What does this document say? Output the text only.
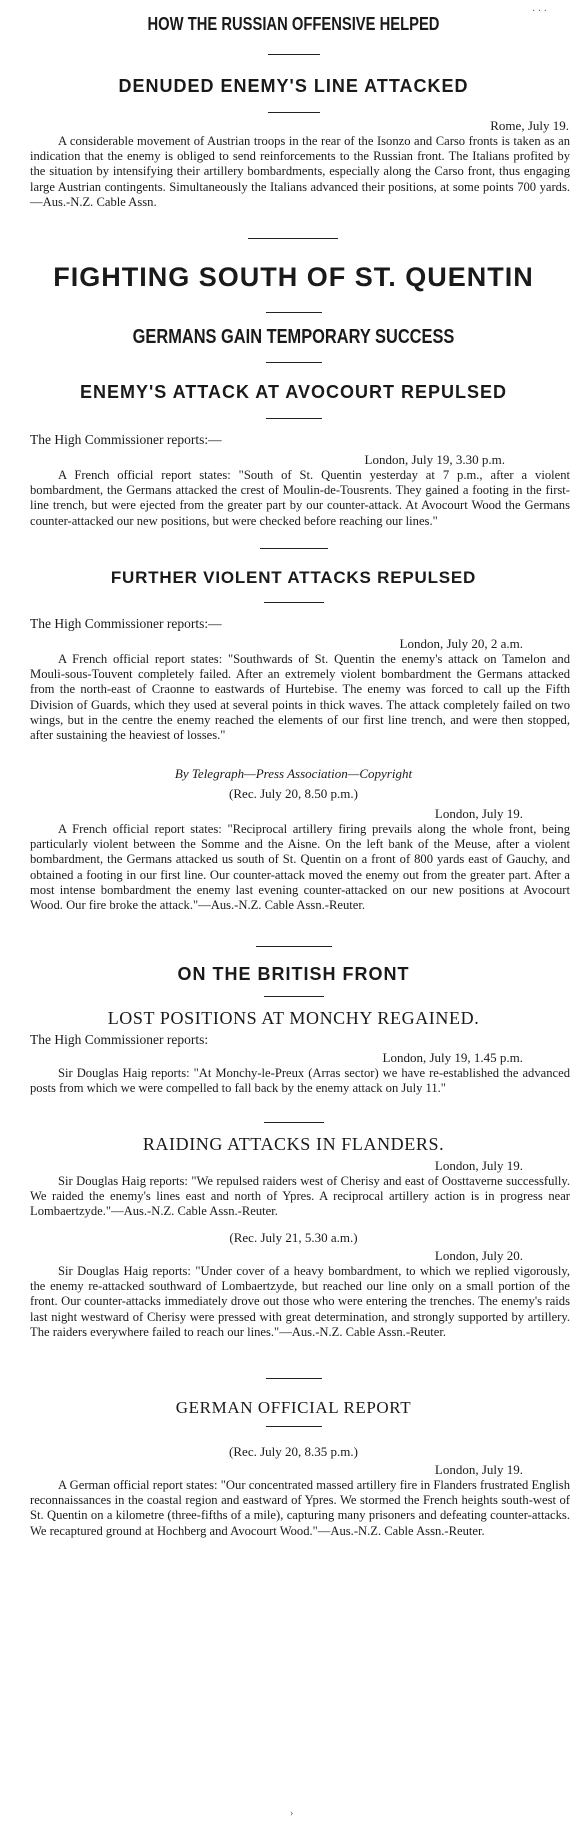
HOW THE RUSSIAN OFFENSIVE HELPED
DENUDED ENEMY'S LINE ATTACKED
Rome, July 19.
A considerable movement of Austrian troops in the rear of the Isonzo and Carso fronts is taken as an indication that the enemy is obliged to send reinforcements to the Russian front. The Italians profited by the situation by intensifying their artillery bombardments, especially along the Carso front, thus engaging large Austrian contingents. Simultaneously the Italians advanced their positions, at some points 700 yards.—Aus.-N.Z. Cable Assn.
FIGHTING SOUTH OF ST. QUENTIN
GERMANS GAIN TEMPORARY SUCCESS
ENEMY'S ATTACK AT AVOCOURT REPULSED
The High Commissioner reports:—
London, July 19, 3.30 p.m.
A French official report states: "South of St. Quentin yesterday at 7 p.m., after a violent bombardment, the Germans attacked the crest of Moulin-de-Tousrents. They gained a footing in the first-line trench, but were ejected from the greater part by our counter-attack. At Avocourt Wood the Germans counter-attacked our new positions, but were checked before reaching our lines."
FURTHER VIOLENT ATTACKS REPULSED
The High Commissioner reports:—
London, July 20, 2 a.m.
A French official report states: "Southwards of St. Quentin the enemy's attack on Tamelon and Mouli-sous-Touvent completely failed. After an extremely violent bombardment the Germans attacked from the north-east of Craonne to eastwards of Hurtebise. The enemy was forced to call up the Fifth Division of Guards, which they used at several points in thick waves. The attack completely failed on two wings, but in the centre the enemy reached the elements of our first line trench, and were then stopped, after sustaining the heaviest of losses."
By Telegraph—Press Association—Copyright
(Rec. July 20, 8.50 p.m.)
London, July 19.
A French official report states: "Reciprocal artillery firing prevails along the whole front, being particularly violent between the Somme and the Aisne. On the left bank of the Meuse, after a violent bombardment, the Germans attacked us south of St. Quentin on a front of 800 yards east of Gauchy, and obtained a footing in our first line. Our counter-attack moved the enemy out from the greater part. After a most intense bombardment the enemy last evening counter-attacked on our new positions at Avocourt Wood. Our fire broke the attack."—Aus.-N.Z. Cable Assn.-Reuter.
ON THE BRITISH FRONT
LOST POSITIONS AT MONCHY REGAINED.
The High Commissioner reports:
London, July 19, 1.45 p.m.
Sir Douglas Haig reports: "At Monchy-le-Preux (Arras sector) we have re-established the advanced posts from which we were compelled to fall back by the enemy attack on July 11."
RAIDING ATTACKS IN FLANDERS.
London, July 19.
Sir Douglas Haig reports: "We repulsed raiders west of Cherisy and east of Oosttaverne successfully. We raided the enemy's lines east and north of Ypres. A reciprocal artillery action is in progress near Lombaertzyde."—Aus.-N.Z. Cable Assn.-Reuter.
(Rec. July 21, 5.30 a.m.)
London, July 20.
Sir Douglas Haig reports: "Under cover of a heavy bombardment, to which we replied vigorously, the enemy re-attacked southward of Lombaertzyde, but reached our line only on a small portion of the front. Our counter-attacks immediately drove out those who were entering the trenches. The enemy's raids last night westward of Cherisy were pressed with great determination, and strongly supported by artillery. The raiders everywhere failed to reach our lines."—Aus.-N.Z. Cable Assn.-Reuter.
GERMAN OFFICIAL REPORT
(Rec. July 20, 8.35 p.m.)
London, July 19.
A German official report states: "Our concentrated massed artillery fire in Flanders frustrated English reconnaissances in the coastal region and eastward of Ypres. We stormed the French heights south-west of St. Quentin on a kilometre (three-fifths of a mile), capturing many prisoners and defeating counter-attacks. We recaptured ground at Hochberg and Avocourt Wood."—Aus.-N.Z. Cable Assn.-Reuter.
· · ·
›
